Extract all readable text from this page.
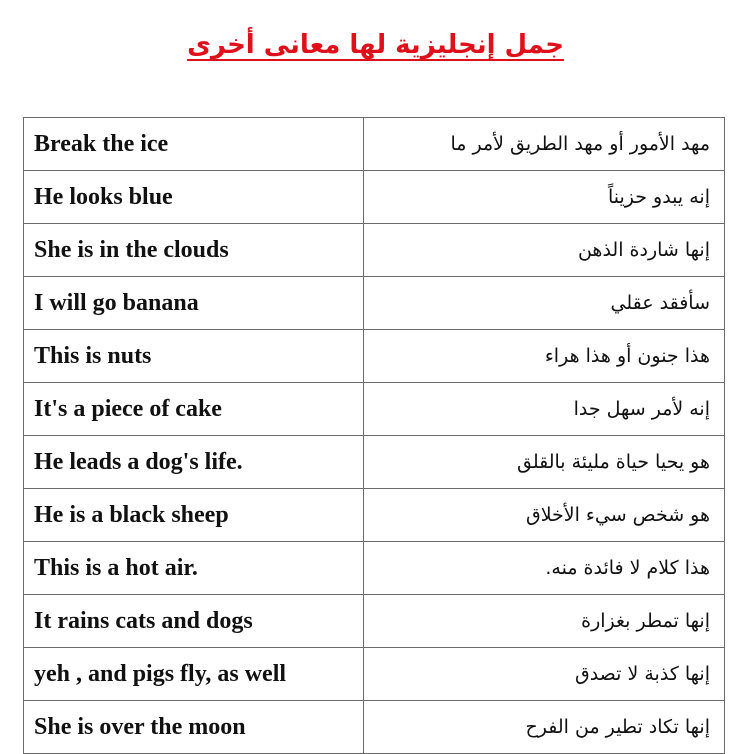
جمل إنجليزية لها معانى أخرى
Break the ice	مهد الأمور أو مهد الطريق لأمر ما
He looks blue	إنه يبدو حزيناً
She is in the clouds	إنها شاردة الذهن
I will go banana	سأفقد عقلي
This is nuts	هذا جنون أو هذا هراء
It's a piece of cake	إنه لأمر سهل جدا
He leads a dog's life.	هو يحيا حياة مليئة بالقلق
He is a black sheep	هو شخص سيء الأخلاق
This is a hot air.	هذا كلام لا فائدة منه.
It rains cats and dogs	إنها تمطر بغزارة
yeh , and pigs fly, as well	إنها كذبة لا تصدق
She is over the moon	إنها تكاد تطير من الفرح
